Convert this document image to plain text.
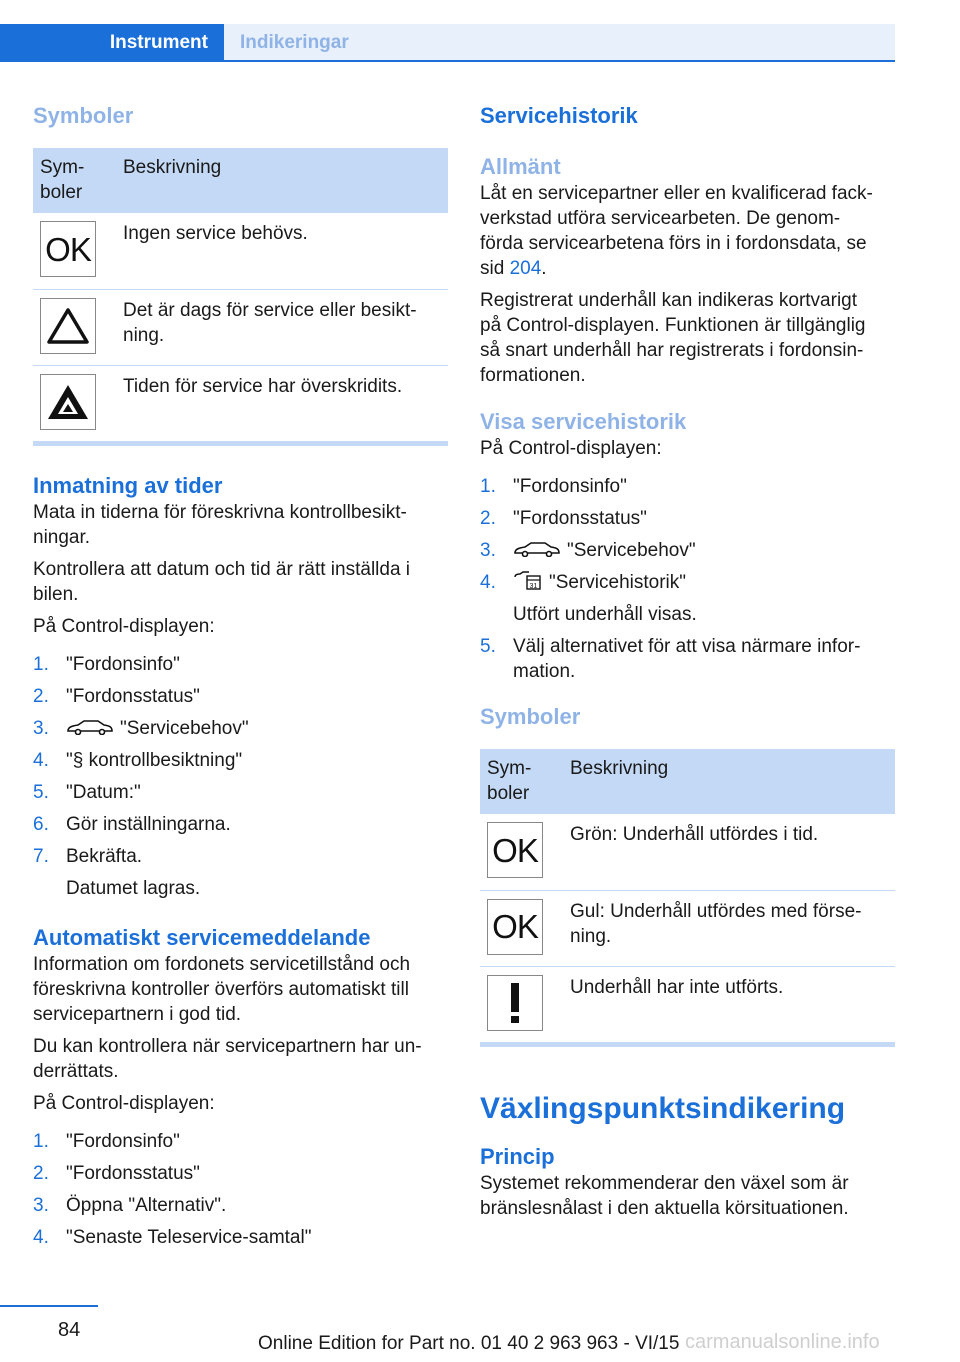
Instrument	Indikeringar
Symboler
Sym-
boler	Beskrivning

OK	Ingen service behövs.

	Det är dags för service eller besikt-
ning.

	Tiden för service har överskridits.
Inmatning av tider
Mata in tiderna för föreskrivna kontrollbesikt-
ningar.
Kontrollera att datum och tid är rätt inställda i
bilen.
På Control-displayen:
1. "Fordonsinfo"
2. "Fordonsstatus"
3.	"Servicebehov"
4. "§ kontrollbesiktning"
5. "Datum:"
6. Gör inställningarna.
7. Bekräfta.
Datumet lagras.
Automatiskt servicemeddelande
Information om fordonets servicetillstånd och
föreskrivna kontroller överförs automatiskt till
servicepartnern i god tid.
Du kan kontrollera när servicepartnern har un-
derrättats.
På Control-displayen:
1. "Fordonsinfo"
2. "Fordonsstatus"
3. Öppna "Alternativ".
4. "Senaste Teleservice-samtal"
Servicehistorik
Allmänt
Låt en servicepartner eller en kvalificerad fack-
verkstad utföra servicearbeten. De genom-
förda servicearbetena förs in i fordonsdata, se
sid 204.
Registrerat underhåll kan indikeras kortvarigt
på Control-displayen. Funktionen är tillgänglig
så snart underhåll har registrerats i fordonsin-
formationen.
Visa servicehistorik
På Control-displayen:
1. "Fordonsinfo"
2. "Fordonsstatus"
3.	"Servicebehov"
4.	31 "Servicehistorik"
Utfört underhåll visas.
5. Välj alternativet för att visa närmare infor-
mation.
Symboler
Sym-
boler	Beskrivning

OK	Grön: Underhåll utfördes i tid.

OK	Gul: Underhåll utfördes med förse-
ning.

	Underhåll har inte utförts.
Växlingspunktsindikering
Princip
Systemet rekommenderar den växel som är
bränslesnålast i den aktuella körsituationen.
84
Online Edition for Part no. 01 40 2 963 963 - VI/15 carmanualsonline.info
